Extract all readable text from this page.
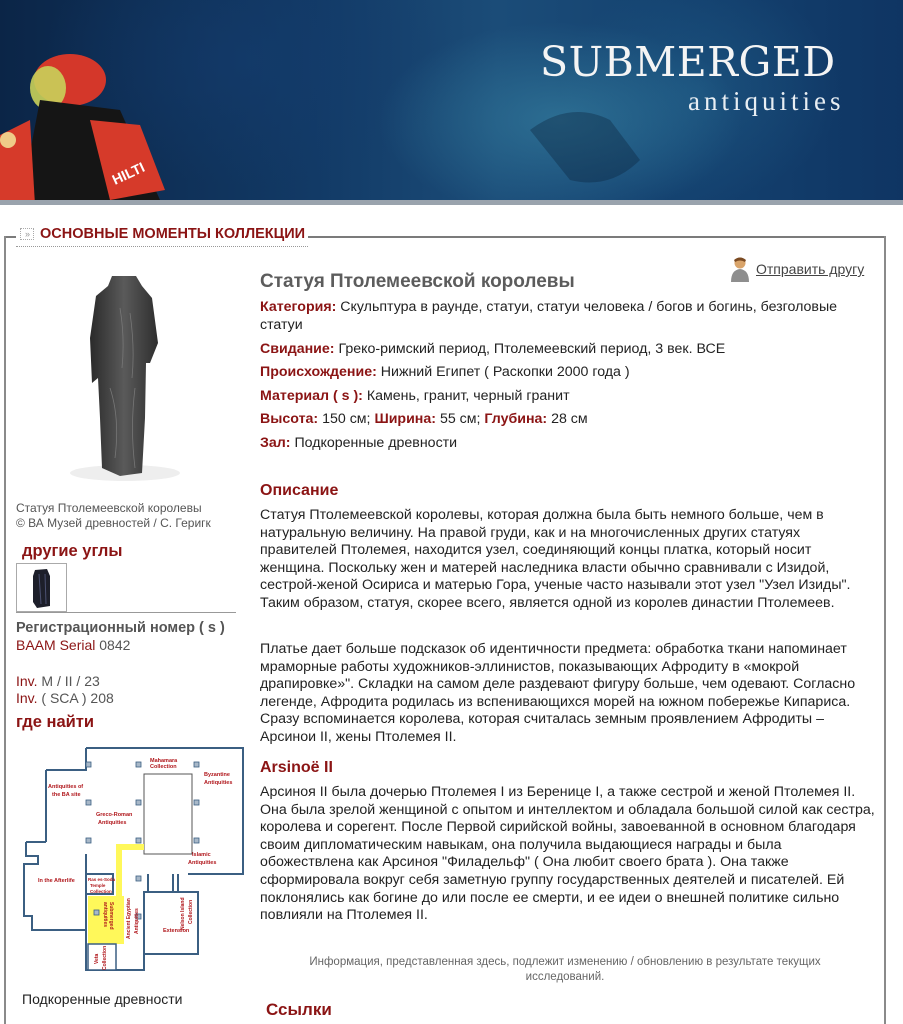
HILTI
SUBMERGED
antiquities
» ОСНОВНЫЕ МОМЕНТЫ КОЛЛЕКЦИИ
Статуя Птолемеевской королевы
© ВА Музей древностей / С. Геригк
другие углы
Регистрационный номер ( s )
BAAM Serial 0842
Inv. M / II / 23
Inv. ( SCA ) 208
где найти
Antiquities of
the BA site
Greco-Roman
Antiquities
Mahamara
Collection
Byzantine
Antiquities
Islamic
Antiquities
In the Afterlife	Ras es-Soda
Temple
Collection
Extension
Submerged
antiquities	Ancient Egyptian Antiquities	Nelson Island Collection
Veta Collection
Подкоренные древности
Отправить другу
Статуя Птолемеевской королевы
Категория: Скульптура в раунде, статуи, статуи человека / богов и богинь, безголовые статуи
Свидание: Греко-римский период, Птолемеевский период, 3 век. ВСЕ
Происхождение: Нижний Египет ( Раскопки 2000 года )
Материал ( s ): Камень, гранит, черный гранит
Высота: 150 см; Ширина: 55 см; Глубина: 28 см
Зал: Подкоренные древности
Описание
Статуя Птолемеевской королевы, которая должна была быть немного больше, чем в натуральную величину. На правой груди, как и на многочисленных других статуях правителей Птолемея, находится узел, соединяющий концы платка, который носит женщина. Поскольку жен и матерей наследника власти обычно сравнивали с Изидой, сестрой-женой Осириса и матерью Гора, ученые часто называли этот узел "Узел Изиды". Таким образом, статуя, скорее всего, является одной из королев династии Птолемеев.
Платье дает больше подсказок об идентичности предмета: обработка ткани напоминает мраморные работы художников-эллинистов, показывающих Афродиту в «мокрой драпировке»". Складки на самом деле раздевают фигуру больше, чем одевают. Согласно легенде, Афродита родилась из вспенивающихся морей на южном побережье Кипариса. Сразу вспоминается королева, которая считалась земным проявлением Афродиты – Арсинои II, жены Птолемея II.
Arsinoë II
Арсиноя II была дочерью Птолемея I из Беренице I, а также сестрой и женой Птолемея II. Она была зрелой женщиной с опытом и интеллектом и обладала большой силой как сестра, королева и сорегент. После Первой сирийской войны, завоеванной в основном благодаря своим дипломатическим навыкам, она получила выдающиеся награды и была обожествлена как Арсиноя "Филадельф" ( Она любит своего брата ). Она также сформировала вокруг себя заметную группу государственных деятелей и писателей. Ей поклонялись как богине до или после ее смерти, и ее идеи о внешней политике сильно повлияли на Птолемея II.
Информация, представленная здесь, подлежит изменению / обновлению в результате текущих исследований.
Ссылки
